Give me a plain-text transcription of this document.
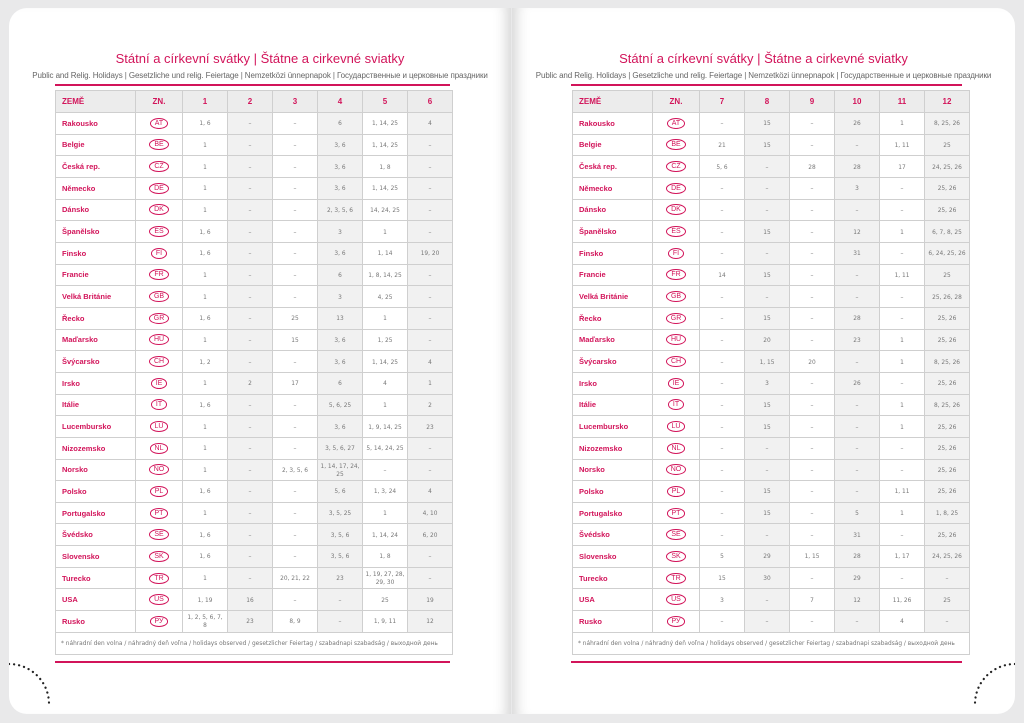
Státní a církevní svátky | Štátne a cirkevné sviatky
Public and Relig. Holidays | Gesetzliche und relig. Feiertage | Nemzetközi ünnepnapok | Государственные и церковные праздники
ZEMĚ	ZN.	1	2	3	4	5	6
Rakousko	AT	1, 6	–	–	6	1, 14, 25	4
Belgie	BE	1	–	–	3, 6	1, 14, 25	–
Česká rep.	CZ	1	–	–	3, 6	1, 8	–
Německo	DE	1	–	–	3, 6	1, 14, 25	–
Dánsko	DK	1	–	–	2, 3, 5, 6	14, 24, 25	–
Španělsko	ES	1, 6	–	–	3	1	–
Finsko	FI	1, 6	–	–	3, 6	1, 14	19, 20
Francie	FR	1	–	–	6	1, 8, 14, 25	–
Velká Británie	GB	1	–	–	3	4, 25	–
Řecko	GR	1, 6	–	25	13	1	–
Maďarsko	HU	1	–	15	3, 6	1, 25	–
Švýcarsko	CH	1, 2	–	–	3, 6	1, 14, 25	4
Irsko	IE	1	2	17	6	4	1
Itálie	IT	1, 6	–	–	5, 6, 25	1	2
Lucembursko	LU	1	–	–	3, 6	1, 9, 14, 25	23
Nizozemsko	NL	1	–	–	3, 5, 6, 27	5, 14, 24, 25	–
Norsko	NO	1	–	2, 3, 5, 6	1, 14, 17, 24, 25	–	–
Polsko	PL	1, 6	–	–	5, 6	1, 3, 24	4
Portugalsko	PT	1	–	–	3, 5, 25	1	4, 10
Švédsko	SE	1, 6	–	–	3, 5, 6	1, 14, 24	6, 20
Slovensko	SK	1, 6	–	–	3, 5, 6	1, 8	–
Turecko	TR	1	–	20, 21, 22	23	1, 19, 27, 28, 29, 30	–
USA	US	1, 19	16	–	–	25	19
Rusko	РУ	1, 2, 5, 6, 7, 8	23	8, 9	–	1, 9, 11	12
* náhradní den volna / náhradný deň voľna / holidays observed / gesetzlicher Feiertag / szabadnapi szabadság / выходной день							
Státní a církevní svátky | Štátne a cirkevné sviatky
Public and Relig. Holidays | Gesetzliche und relig. Feiertage | Nemzetközi ünnepnapok | Государственные и церковные праздники
ZEMĚ	ZN.	7	8	9	10	11	12
Rakousko	AT	–	15	–	26	1	8, 25, 26
Belgie	BE	21	15	–	–	1, 11	25
Česká rep.	CZ	5, 6	–	28	28	17	24, 25, 26
Německo	DE	–	–	–	3	–	25, 26
Dánsko	DK	–	–	–	–	–	25, 26
Španělsko	ES	–	15	–	12	1	6, 7, 8, 25
Finsko	FI	–	–	–	31	–	6, 24, 25, 26
Francie	FR	14	15	–	–	1, 11	25
Velká Británie	GB	–	–	–	–	–	25, 26, 28
Řecko	GR	–	15	–	28	–	25, 26
Maďarsko	HU	–	20	–	23	1	25, 26
Švýcarsko	CH	–	1, 15	20	–	1	8, 25, 26
Irsko	IE	–	3	–	26	–	25, 26
Itálie	IT	–	15	–	–	1	8, 25, 26
Lucembursko	LU	–	15	–	–	1	25, 26
Nizozemsko	NL	–	–	–	–	–	25, 26
Norsko	NO	–	–	–	–	–	25, 26
Polsko	PL	–	15	–	–	1, 11	25, 26
Portugalsko	PT	–	15	–	5	1	1, 8, 25
Švédsko	SE	–	–	–	31	–	25, 26
Slovensko	SK	5	29	1, 15	28	1, 17	24, 25, 26
Turecko	TR	15	30	–	29	–	–
USA	US	3	–	7	12	11, 26	25
Rusko	РУ	–	–	–	–	4	–
* náhradní den volna / náhradný deň voľna / holidays observed / gesetzlicher Feiertag / szabadnapi szabadság / выходной день							
